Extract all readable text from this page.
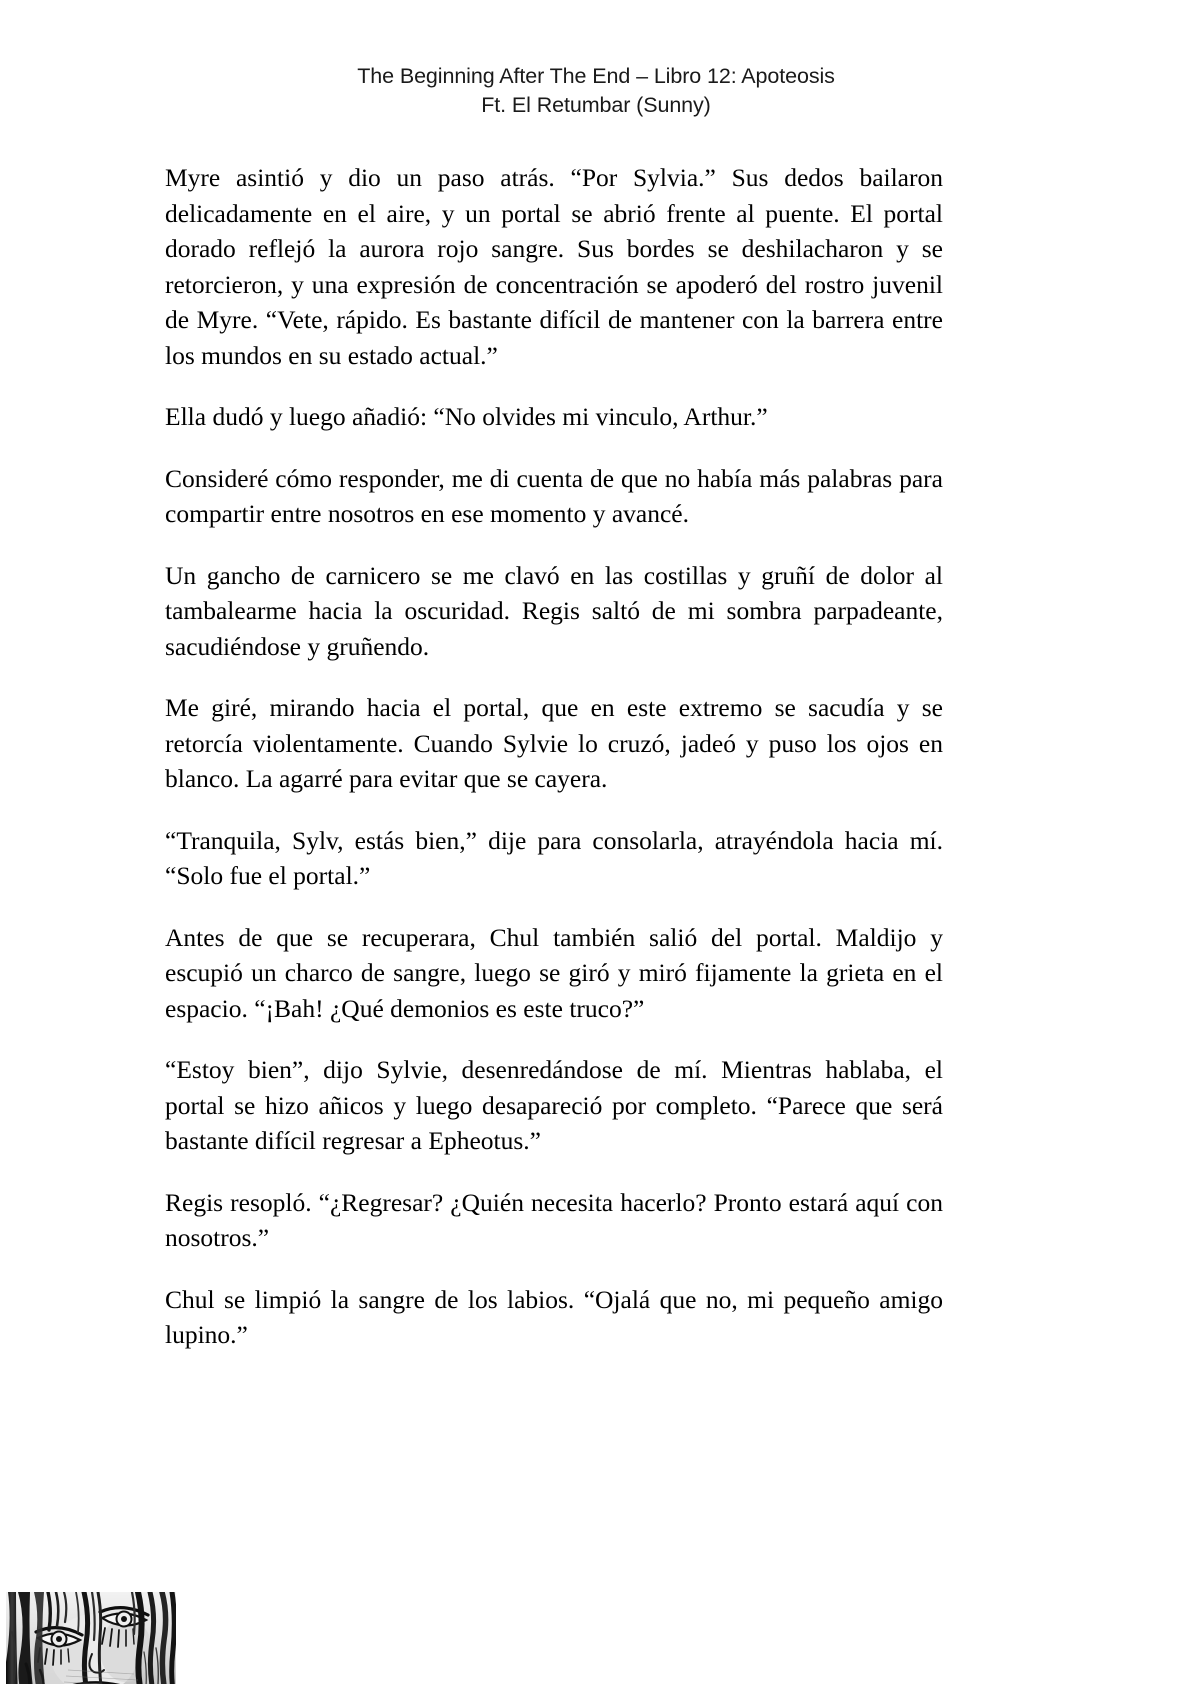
The Beginning After The End – Libro 12: Apoteosis
Ft. El Retumbar (Sunny)

Myre asintió y dio un paso atrás. “Por Sylvia.” Sus dedos bailaron delicadamente en el aire, y un portal se abrió frente al puente. El portal dorado reflejó la aurora rojo sangre. Sus bordes se deshilacharon y se retorcieron, y una expresión de concentración se apoderó del rostro juvenil de Myre. “Vete, rápido. Es bastante difícil de mantener con la barrera entre los mundos en su estado actual.”

Ella dudó y luego añadió: “No olvides mi vinculo, Arthur.”

Consideré cómo responder, me di cuenta de que no había más palabras para compartir entre nosotros en ese momento y avancé.

Un gancho de carnicero se me clavó en las costillas y gruñí de dolor al tambalearme hacia la oscuridad. Regis saltó de mi sombra parpadeante, sacudiéndose y gruñendo.

Me giré, mirando hacia el portal, que en este extremo se sacudía y se retorcía violentamente. Cuando Sylvie lo cruzó, jadeó y puso los ojos en blanco. La agarré para evitar que se cayera.

“Tranquila, Sylv, estás bien,” dije para consolarla, atrayéndola hacia mí. “Solo fue el portal.”

Antes de que se recuperara, Chul también salió del portal. Maldijo y escupió un charco de sangre, luego se giró y miró fijamente la grieta en el espacio. “¡Bah! ¿Qué demonios es este truco?”

“Estoy bien”, dijo Sylvie, desenredándose de mí. Mientras hablaba, el portal se hizo añicos y luego desapareció por completo. “Parece que será bastante difícil regresar a Epheotus.”

Regis resopló. “¿Regresar? ¿Quién necesita hacerlo? Pronto estará aquí con nosotros.”

Chul se limpió la sangre de los labios. “Ojalá que no, mi pequeño amigo lupino.”
